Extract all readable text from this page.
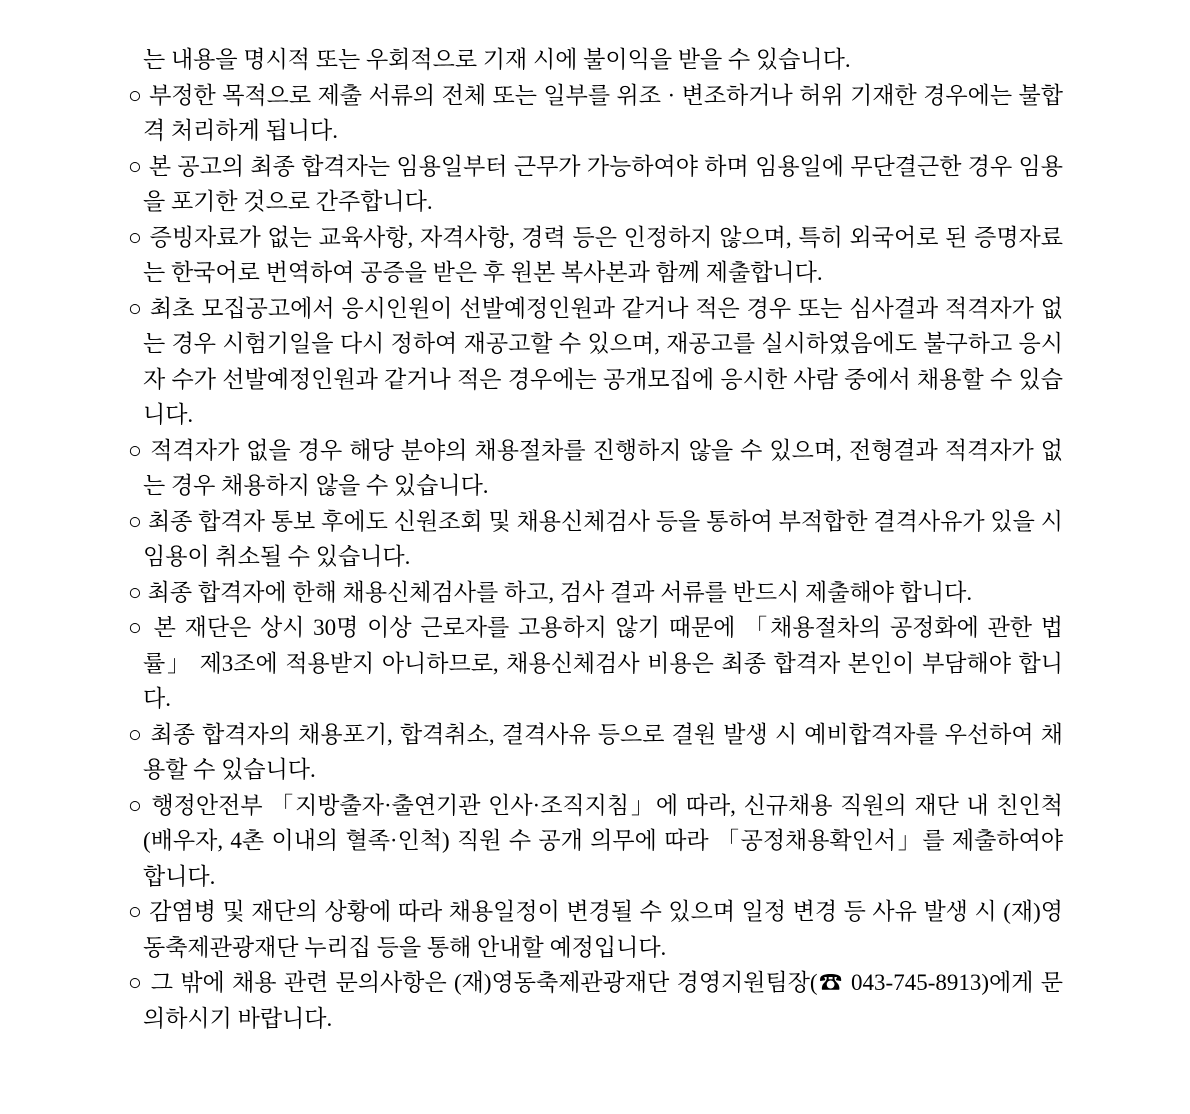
는 내용을 명시적 또는 우회적으로 기재 시에 불이익을 받을 수 있습니다.

○ 부정한 목적으로 제출 서류의 전체 또는 일부를 위조 · 변조하거나 허위 기재한 경우에는 불합격 처리하게 됩니다.

○ 본 공고의 최종 합격자는 임용일부터 근무가 가능하여야 하며 임용일에 무단결근한 경우 임용을 포기한 것으로 간주합니다.

○ 증빙자료가 없는 교육사항, 자격사항, 경력 등은 인정하지 않으며, 특히 외국어로 된 증명자료는 한국어로 번역하여 공증을 받은 후 원본 복사본과 함께 제출합니다.

○ 최초 모집공고에서 응시인원이 선발예정인원과 같거나 적은 경우 또는 심사결과 적격자가 없는 경우 시험기일을 다시 정하여 재공고할 수 있으며, 재공고를 실시하였음에도 불구하고 응시자 수가 선발예정인원과 같거나 적은 경우에는 공개모집에 응시한 사람 중에서 채용할 수 있습니다.

○ 적격자가 없을 경우 해당 분야의 채용절차를 진행하지 않을 수 있으며, 전형결과 적격자가 없는 경우 채용하지 않을 수 있습니다.

○ 최종 합격자 통보 후에도 신원조회 및 채용신체검사 등을 통하여 부적합한 결격사유가 있을 시 임용이 취소될 수 있습니다.

○ 최종 합격자에 한해 채용신체검사를 하고, 검사 결과 서류를 반드시 제출해야 합니다.

○ 본 재단은 상시 30명 이상 근로자를 고용하지 않기 때문에 「채용절차의 공정화에 관한 법률」 제3조에 적용받지 아니하므로, 채용신체검사 비용은 최종 합격자 본인이 부담해야 합니다.

○ 최종 합격자의 채용포기, 합격취소, 결격사유 등으로 결원 발생 시 예비합격자를 우선하여 채용할 수 있습니다.

○ 행정안전부 「지방출자·출연기관 인사·조직지침」에 따라, 신규채용 직원의 재단 내 친인척(배우자, 4촌 이내의 혈족·인척) 직원 수 공개 의무에 따라 「공정채용확인서」를 제출하여야 합니다.

○ 감염병 및 재단의 상황에 따라 채용일정이 변경될 수 있으며 일정 변경 등 사유 발생 시 (재)영동축제관광재단 누리집 등을 통해 안내할 예정입니다.

○ 그 밖에 채용 관련 문의사항은 (재)영동축제관광재단 경영지원팀장(☎ 043-745-8913)에게 문의하시기 바랍니다.
